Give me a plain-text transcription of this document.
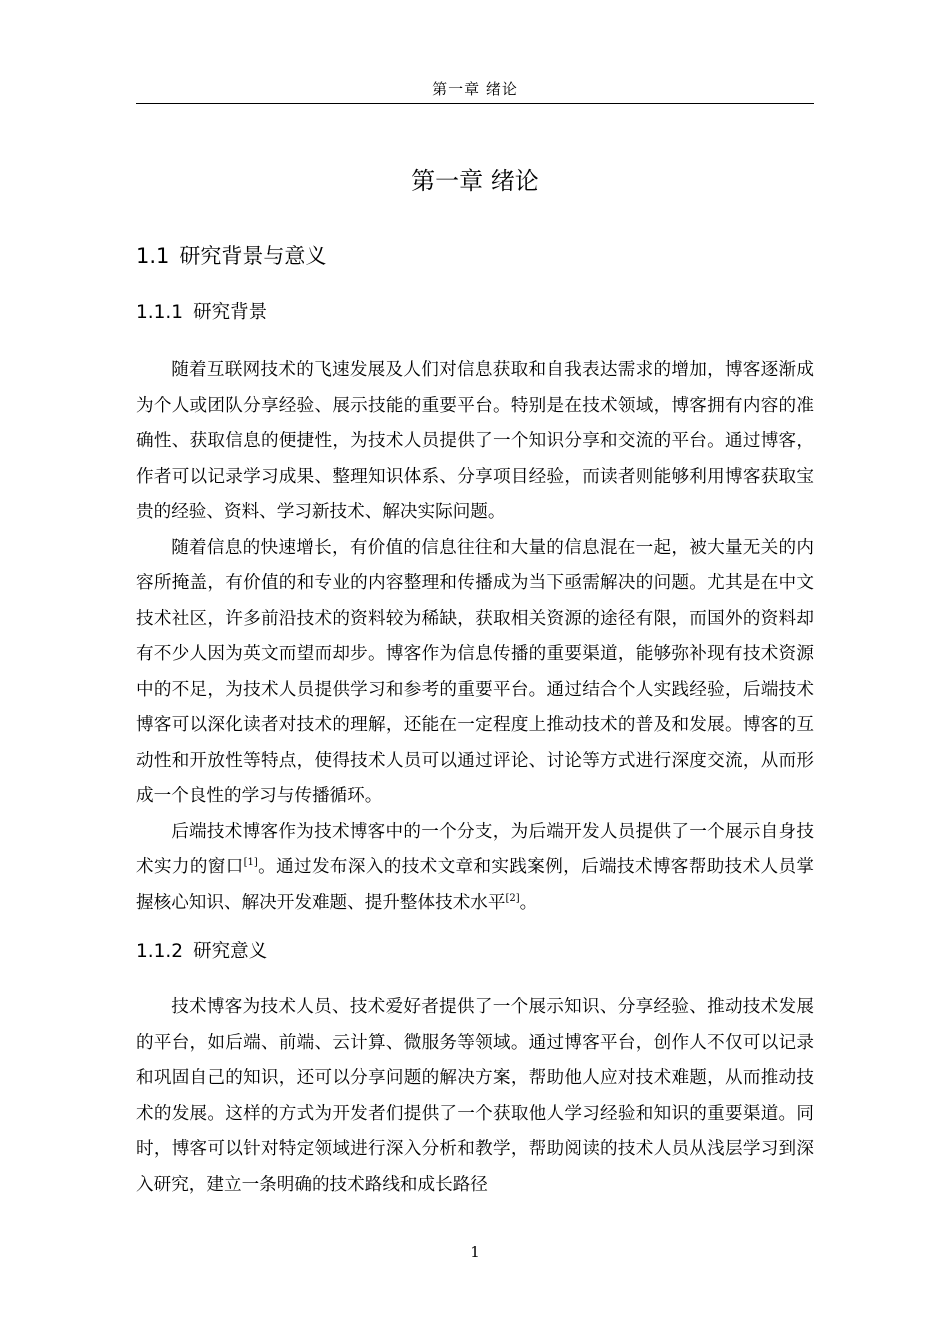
第一章 绪论
第一章 绪论
1.1 研究背景与意义
1.1.1 研究背景

随着互联网技术的飞速发展及人们对信息获取和自我表达需求的增加，博客逐渐成为个人或团队分享经验、展示技能的重要平台。特别是在技术领域，博客拥有内容的准确性、获取信息的便捷性，为技术人员提供了一个知识分享和交流的平台。通过博客，作者可以记录学习成果、整理知识体系、分享项目经验，而读者则能够利用博客获取宝贵的经验、资料、学习新技术、解决实际问题。

随着信息的快速增长，有价值的信息往往和大量的信息混在一起，被大量无关的内容所掩盖，有价值的和专业的内容整理和传播成为当下亟需解决的问题。尤其是在中文技术社区，许多前沿技术的资料较为稀缺，获取相关资源的途径有限，而国外的资料却有不少人因为英文而望而却步。博客作为信息传播的重要渠道，能够弥补现有技术资源中的不足，为技术人员提供学习和参考的重要平台。通过结合个人实践经验，后端技术博客可以深化读者对技术的理解，还能在一定程度上推动技术的普及和发展。博客的互动性和开放性等特点，使得技术人员可以通过评论、讨论等方式进行深度交流，从而形成一个良性的学习与传播循环。

后端技术博客作为技术博客中的一个分支，为后端开发人员提供了一个展示自身技术实力的窗口[1]。通过发布深入的技术文章和实践案例，后端技术博客帮助技术人员掌握核心知识、解决开发难题、提升整体技术水平[2]。

1.1.2 研究意义

技术博客为技术人员、技术爱好者提供了一个展示知识、分享经验、推动技术发展的平台，如后端、前端、云计算、微服务等领域。通过博客平台，创作人不仅可以记录和巩固自己的知识，还可以分享问题的解决方案，帮助他人应对技术难题，从而推动技术的发展。这样的方式为开发者们提供了一个获取他人学习经验和知识的重要渠道。同时，博客可以针对特定领域进行深入分析和教学，帮助阅读的技术人员从浅层学习到深入研究，建立一条明确的技术路线和成长路径

1
